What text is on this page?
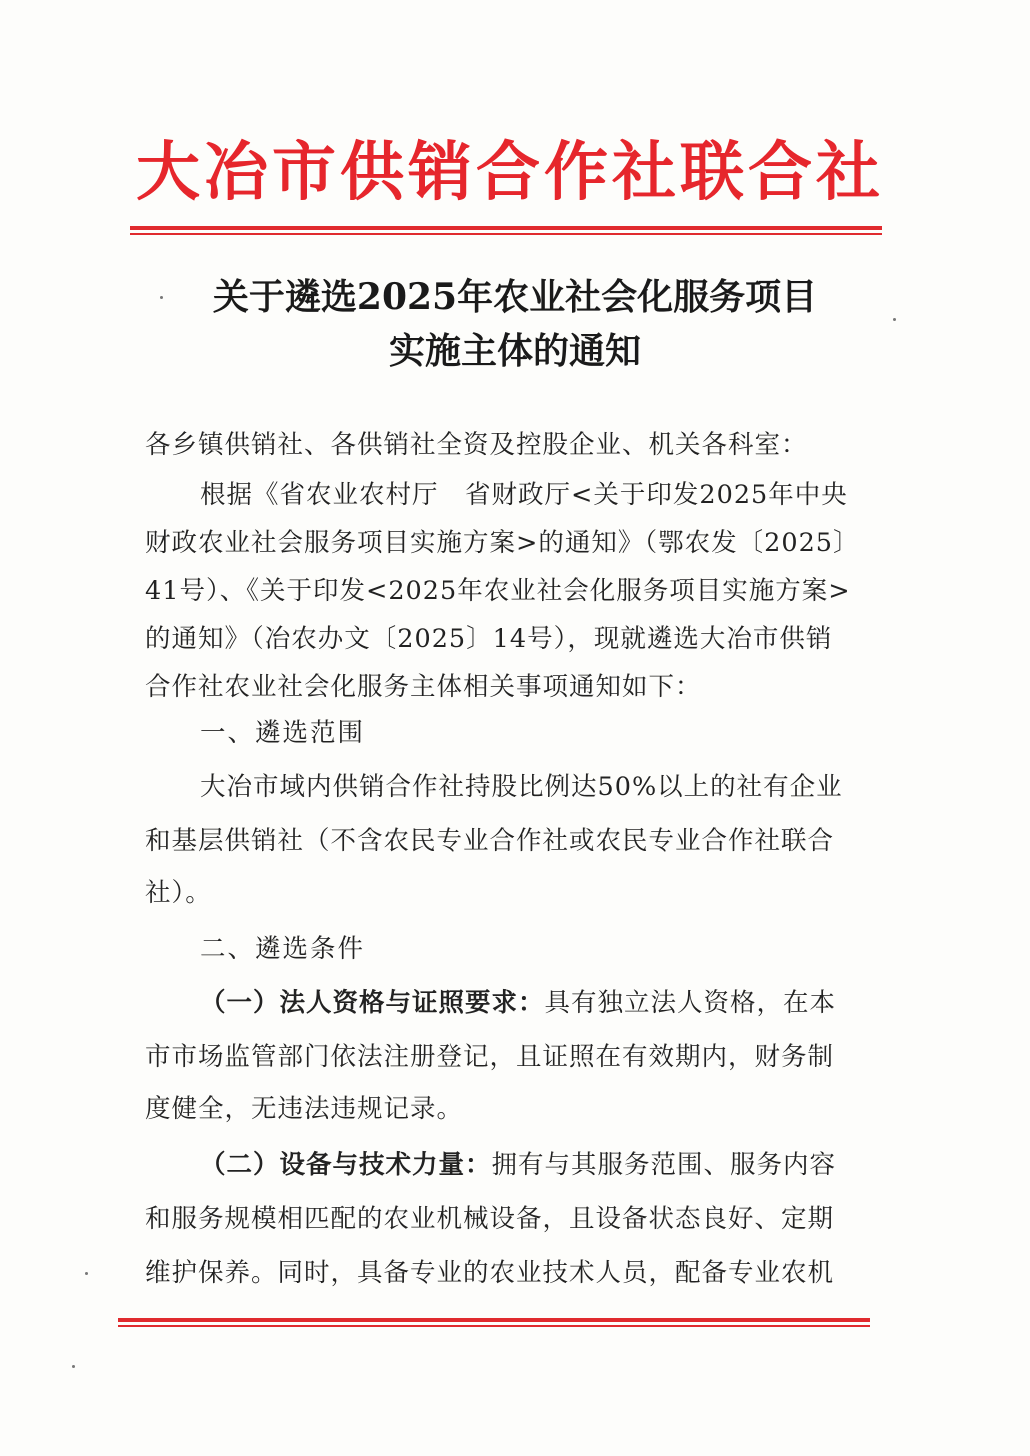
大冶市供销合作社联合社
关于遴选2025年农业社会化服务项目
实施主体的通知
各乡镇供销社、各供销社全资及控股企业、机关各科室：
根据《省农业农村厅　省财政厅<关于印发2025年中央
财政农业社会服务项目实施方案>的通知》（鄂农发〔2025〕
41号）、《关于印发<2025年农业社会化服务项目实施方案>
的通知》（冶农办文〔2025〕14号），现就遴选大冶市供销
合作社农业社会化服务主体相关事项通知如下：
一、遴选范围
大冶市域内供销合作社持股比例达50%以上的社有企业
和基层供销社（不含农民专业合作社或农民专业合作社联合
社）。
二、遴选条件
（一）法人资格与证照要求：具有独立法人资格，在本
市市场监管部门依法注册登记，且证照在有效期内，财务制
度健全，无违法违规记录。
（二）设备与技术力量：拥有与其服务范围、服务内容
和服务规模相匹配的农业机械设备，且设备状态良好、定期
维护保养。同时，具备专业的农业技术人员，配备专业农机
